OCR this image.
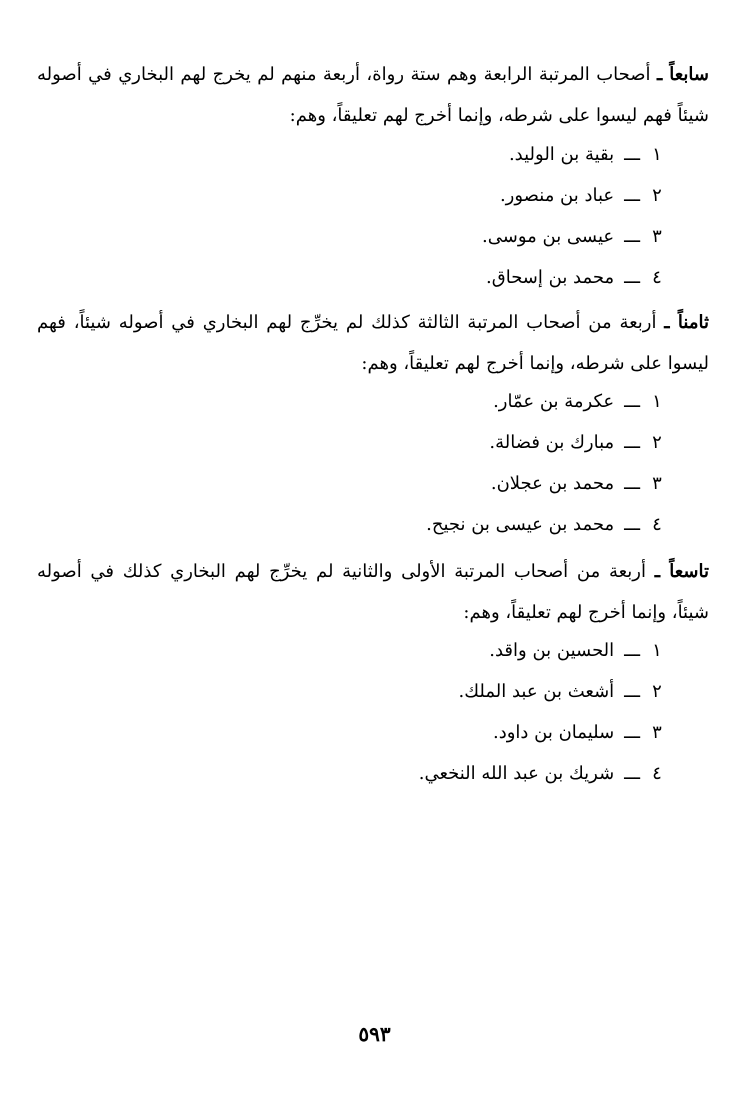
سابعاً ـ أصحاب المرتبة الرابعة وهم ستة رواة، أربعة منهم لم يخرج لهم البخاري في أصوله شيئاً فهم ليسوا على شرطه، وإنما أخرج لهم تعليقاً، وهم:
١ـــبقية بن الوليد.
٢ـــعباد بن منصور.
٣ـــعيسى بن موسى.
٤ـــمحمد بن إسحاق.
ثامناً ـ أربعة من أصحاب المرتبة الثالثة كذلك لم يخرِّج لهم البخاري في أصوله شيئاً، فهم ليسوا على شرطه، وإنما أخرج لهم تعليقاً، وهم:
١ـــعكرمة بن عمّار.
٢ـــمبارك بن فضالة.
٣ـــمحمد بن عجلان.
٤ـــمحمد بن عيسى بن نجيح.
تاسعاً ـ أربعة من أصحاب المرتبة الأولى والثانية لم يخرِّج لهم البخاري كذلك في أصوله شيئاً، وإنما أخرج لهم تعليقاً، وهم:
١ـــالحسين بن واقد.
٢ـــأشعث بن عبد الملك.
٣ـــسليمان بن داود.
٤ـــشريك بن عبد الله النخعي.
٥٩٣
